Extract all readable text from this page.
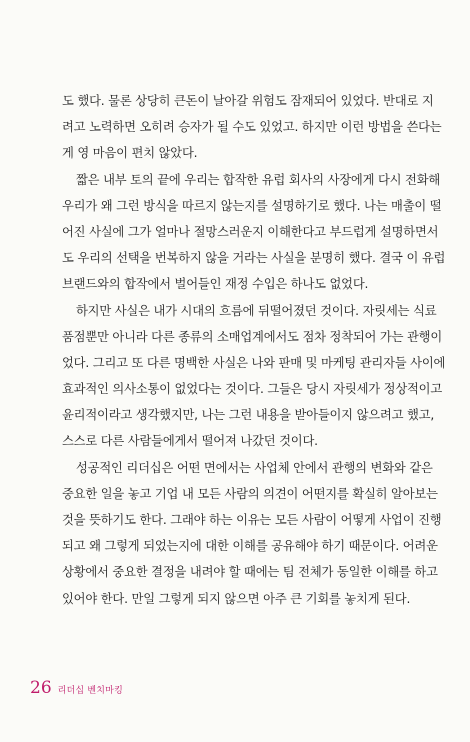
도 했다. 물론 상당히 큰돈이 날아갈 위험도 잠재되어 있었다. 반대로 지
려고 노력하면 오히려 승자가 될 수도 있었고. 하지만 이런 방법을 쓴다는
게 영 마음이 편치 않았다.
짧은 내부 토의 끝에 우리는 합작한 유럽 회사의 사장에게 다시 전화해
우리가 왜 그런 방식을 따르지 않는지를 설명하기로 했다. 나는 매출이 떨
어진 사실에 그가 얼마나 절망스러운지 이해한다고 부드럽게 설명하면서
도 우리의 선택을 번복하지 않을 거라는 사실을 분명히 했다. 결국 이 유럽
브랜드와의 합작에서 벌어들인 재정 수입은 하나도 없었다.
하지만 사실은 내가 시대의 흐름에 뒤떨어졌던 것이다. 자릿세는 식료
품점뿐만 아니라 다른 종류의 소매업계에서도 점차 정착되어 가는 관행이
었다. 그리고 또 다른 명백한 사실은 나와 판매 및 마케팅 관리자들 사이에
효과적인 의사소통이 없었다는 것이다. 그들은 당시 자릿세가 정상적이고
윤리적이라고 생각했지만, 나는 그런 내용을 받아들이지 않으려고 했고,
스스로 다른 사람들에게서 떨어져 나갔던 것이다.
성공적인 리더십은 어떤 면에서는 사업체 안에서 관행의 변화와 같은
중요한 일을 놓고 기업 내 모든 사람의 의견이 어떤지를 확실히 알아보는
것을 뜻하기도 한다. 그래야 하는 이유는 모든 사람이 어떻게 사업이 진행
되고 왜 그렇게 되었는지에 대한 이해를 공유해야 하기 때문이다. 어려운
상황에서 중요한 결정을 내려야 할 때에는 팀 전체가 동일한 이해를 하고
있어야 한다. 만일 그렇게 되지 않으면 아주 큰 기회를 놓치게 된다.
26 리더십 벤치마킹
